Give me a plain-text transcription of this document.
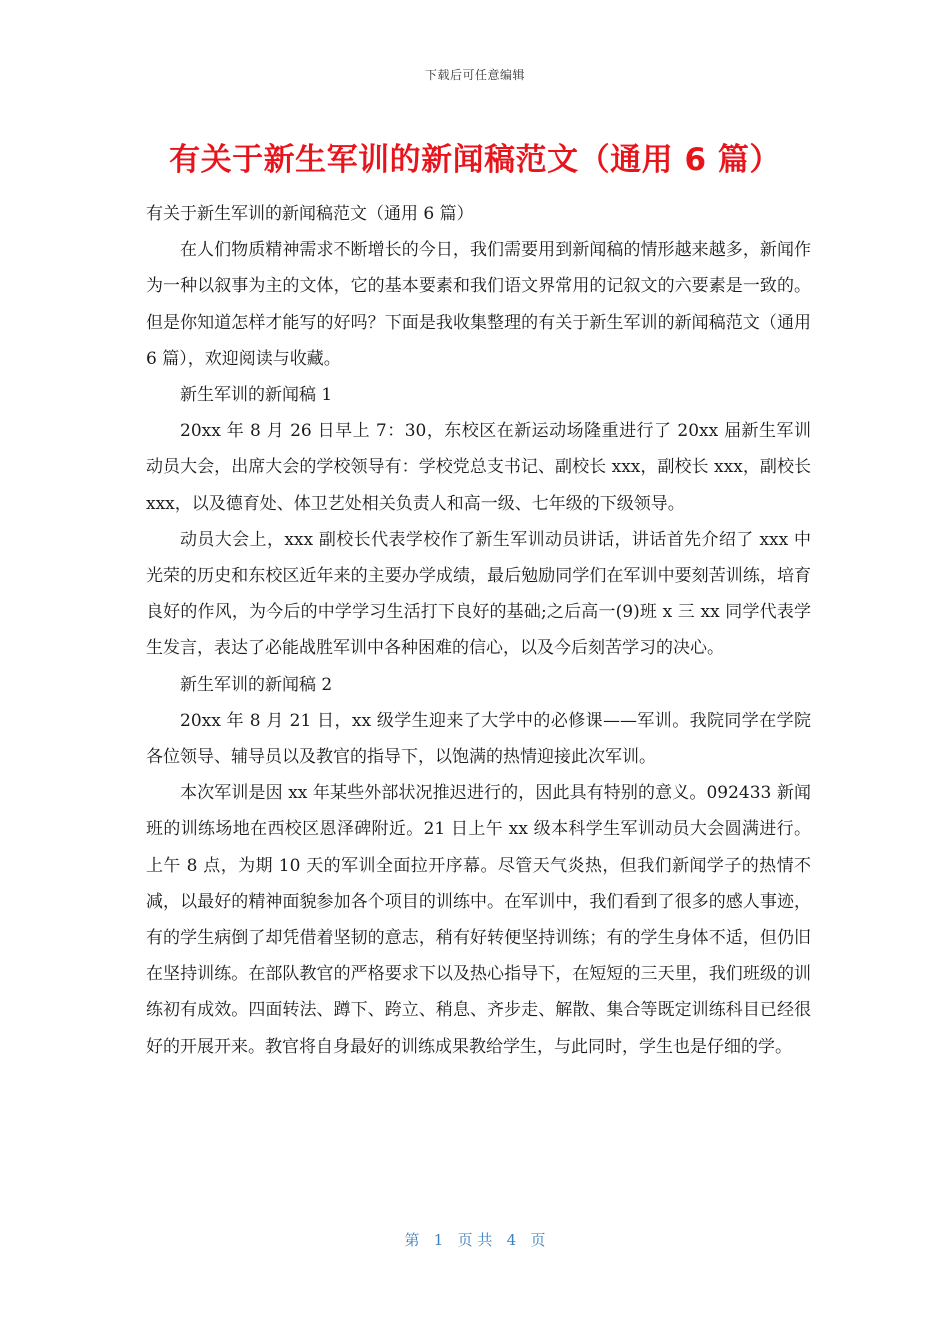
下载后可任意编辑
有关于新生军训的新闻稿范文（通用 6 篇）

有关于新生军训的新闻稿范文（通用 6 篇）

在人们物质精神需求不断增长的今日，我们需要用到新闻稿的情形越来越多，新闻作为一种以叙事为主的文体，它的基本要素和我们语文界常用的记叙文的六要素是一致的。但是你知道怎样才能写的好吗？下面是我收集整理的有关于新生军训的新闻稿范文（通用 6 篇），欢迎阅读与收藏。

新生军训的新闻稿 1

20xx 年 8 月 26 日早上 7：30，东校区在新运动场隆重进行了 20xx 届新生军训动员大会，出席大会的学校领导有：学校党总支书记、副校长 xxx，副校长 xxx，副校长 xxx，以及德育处、体卫艺处相关负责人和高一级、七年级的下级领导。

动员大会上，xxx 副校长代表学校作了新生军训动员讲话，讲话首先介绍了 xxx 中光荣的历史和东校区近年来的主要办学成绩，最后勉励同学们在军训中要刻苦训练，培育良好的作风，为今后的中学学习生活打下良好的基础;之后高一(9)班 x 三 xx 同学代表学生发言，表达了必能战胜军训中各种困难的信心，以及今后刻苦学习的决心。

新生军训的新闻稿 2

20xx 年 8 月 21 日，xx 级学生迎来了大学中的必修课——军训。我院同学在学院各位领导、辅导员以及教官的指导下，以饱满的热情迎接此次军训。

本次军训是因 xx 年某些外部状况推迟进行的，因此具有特别的意义。092433 新闻班的训练场地在西校区恩泽碑附近。21 日上午 xx 级本科学生军训动员大会圆满进行。上午 8 点，为期 10 天的军训全面拉开序幕。尽管天气炎热，但我们新闻学子的热情不减，以最好的精神面貌参加各个项目的训练中。在军训中，我们看到了很多的感人事迹，有的学生病倒了却凭借着坚韧的意志，稍有好转便坚持训练；有的学生身体不适，但仍旧在坚持训练。在部队教官的严格要求下以及热心指导下，在短短的三天里，我们班级的训练初有成效。四面转法、蹲下、跨立、稍息、齐步走、解散、集合等既定训练科目已经很好的开展开来。教官将自身最好的训练成果教给学生，与此同时，学生也是仔细的学。

第   1   页 共   4   页
